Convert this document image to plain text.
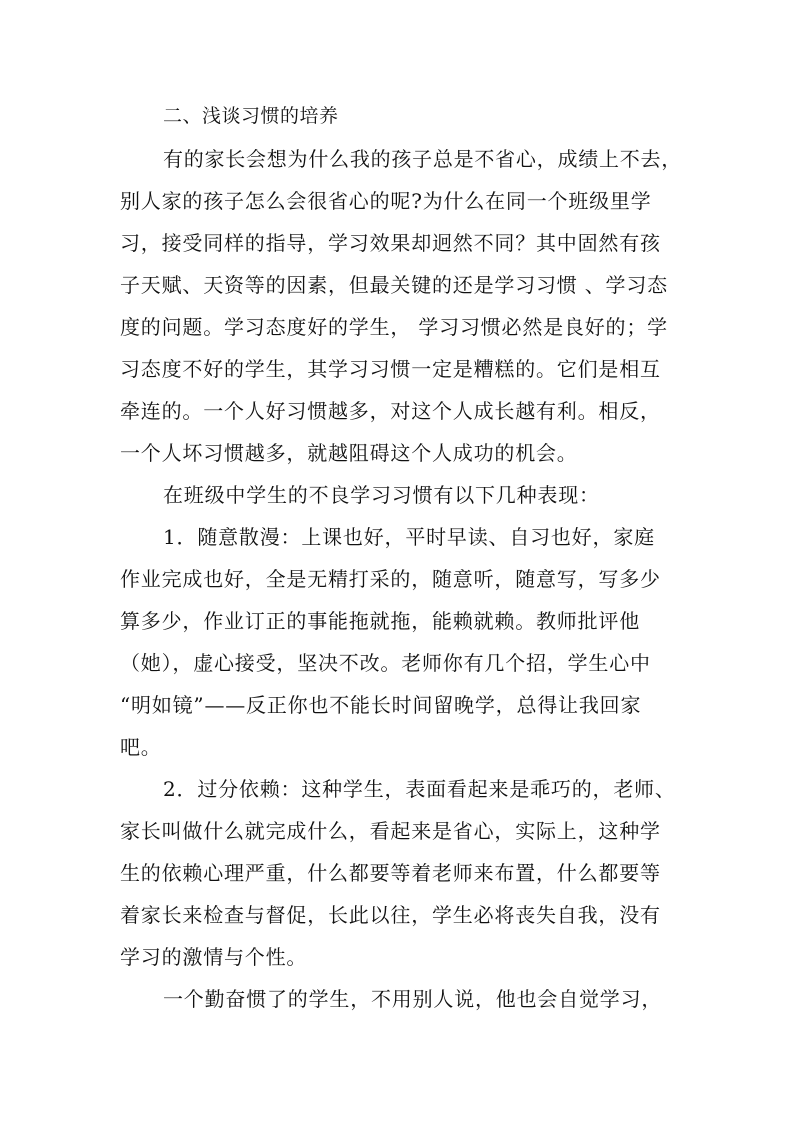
二、浅谈习惯的培养
有的家长会想为什么我的孩子总是不省心，成绩上不去，
别人家的孩子怎么会很省心的呢?为什么在同一个班级里学
习，接受同样的指导，学习效果却迥然不同？其中固然有孩
子天赋、天资等的因素，但最关键的还是学习习惯 、学习态
度的问题。学习态度好的学生， 学习习惯必然是良好的；学
习态度不好的学生，其学习习惯一定是糟糕的。它们是相互
牵连的。一个人好习惯越多，对这个人成长越有利。相反，
一个人坏习惯越多，就越阻碍这个人成功的机会。
在班级中学生的不良学习习惯有以下几种表现：
1．随意散漫：上课也好，平时早读、自习也好，家庭
作业完成也好，全是无精打采的，随意听，随意写，写多少
算多少，作业订正的事能拖就拖，能赖就赖。教师批评他
（她），虚心接受，坚决不改。老师你有几个招，学生心中
“明如镜”——反正你也不能长时间留晚学，总得让我回家
吧。
2．过分依赖：这种学生，表面看起来是乖巧的，老师、
家长叫做什么就完成什么，看起来是省心，实际上，这种学
生的依赖心理严重，什么都要等着老师来布置，什么都要等
着家长来检查与督促，长此以往，学生必将丧失自我，没有
学习的激情与个性。
一个勤奋惯了的学生，不用别人说，他也会自觉学习，
